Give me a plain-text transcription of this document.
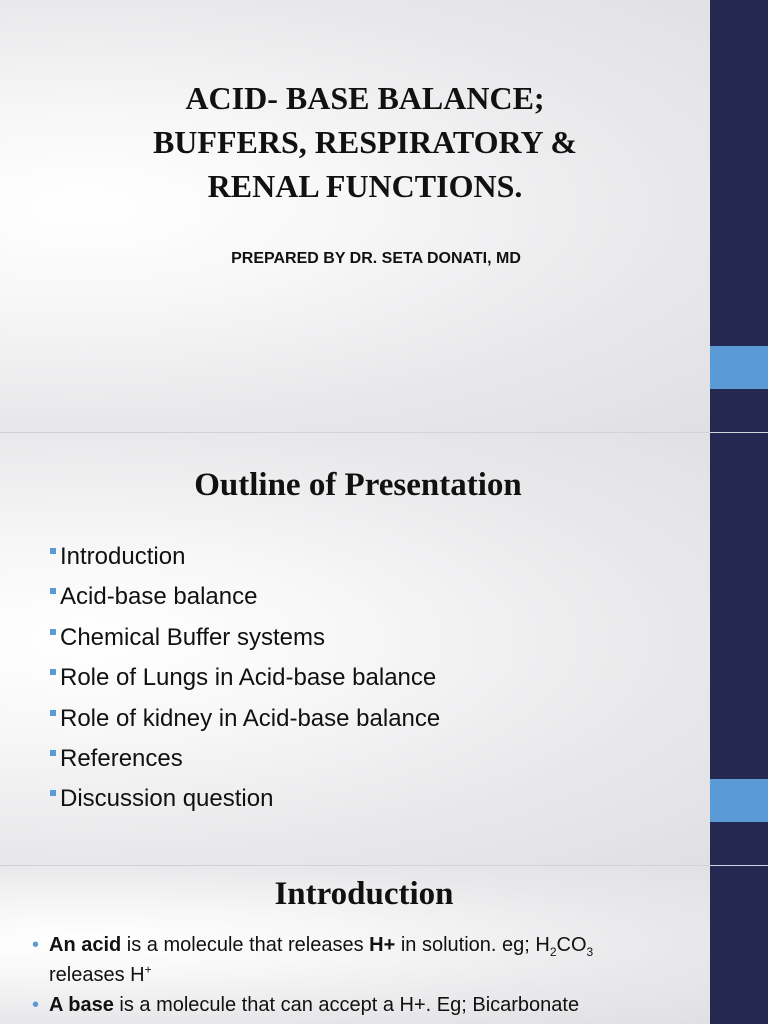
ACID- BASE BALANCE;
BUFFERS, RESPIRATORY &
RENAL FUNCTIONS.
PREPARED BY DR. SETA DONATI, MD
Outline of Presentation
Introduction
Acid-base balance
Chemical Buffer systems
Role of Lungs in Acid-base balance
Role of kidney in Acid-base balance
References
Discussion question
Introduction
• An acid is a molecule that releases H+ in solution. eg; $H_2CO_3$
releases H+
• A base is a molecule that can accept a H+. Eg; Bicarbonate
